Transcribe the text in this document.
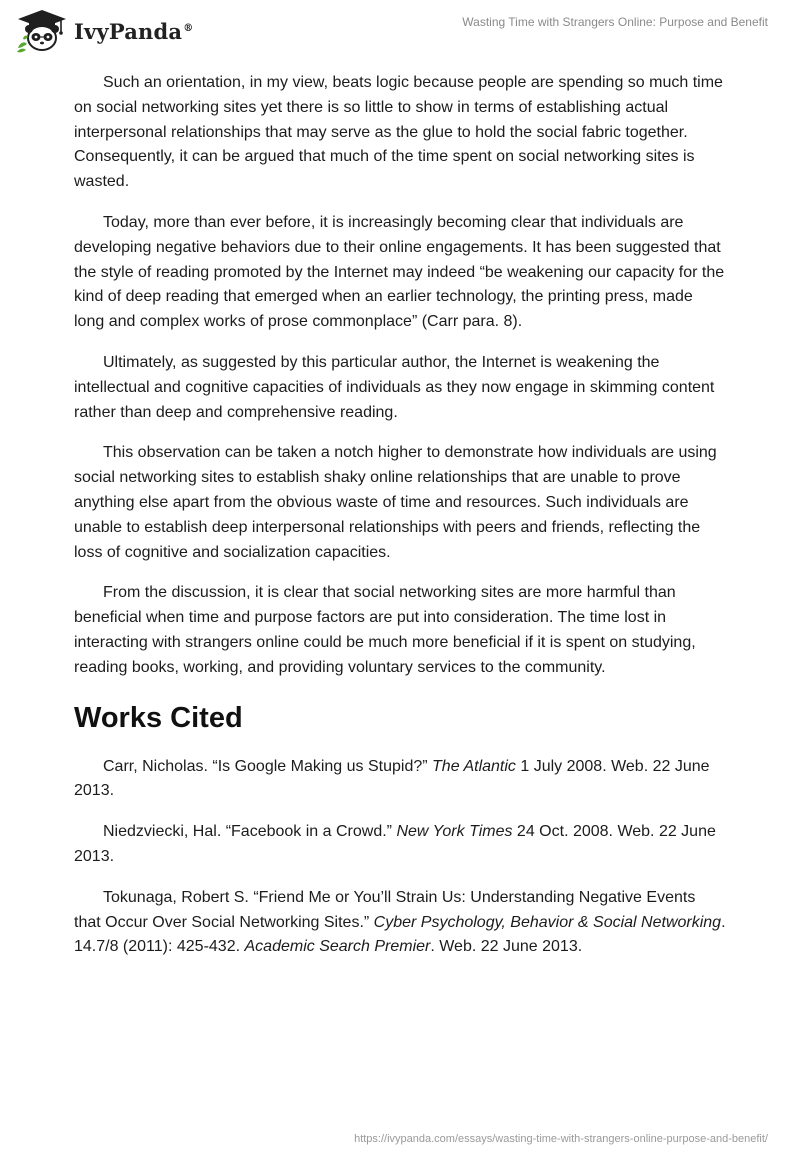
IvyPanda®	Wasting Time with Strangers Online: Purpose and Benefit

Such an orientation, in my view, beats logic because people are spending so much time on social networking sites yet there is so little to show in terms of establishing actual interpersonal relationships that may serve as the glue to hold the social fabric together. Consequently, it can be argued that much of the time spent on social networking sites is wasted.

Today, more than ever before, it is increasingly becoming clear that individuals are developing negative behaviors due to their online engagements. It has been suggested that the style of reading promoted by the Internet may indeed “be weakening our capacity for the kind of deep reading that emerged when an earlier technology, the printing press, made long and complex works of prose commonplace” (Carr para. 8).

Ultimately, as suggested by this particular author, the Internet is weakening the intellectual and cognitive capacities of individuals as they now engage in skimming content rather than deep and comprehensive reading.

This observation can be taken a notch higher to demonstrate how individuals are using social networking sites to establish shaky online relationships that are unable to prove anything else apart from the obvious waste of time and resources. Such individuals are unable to establish deep interpersonal relationships with peers and friends, reflecting the loss of cognitive and socialization capacities.

From the discussion, it is clear that social networking sites are more harmful than beneficial when time and purpose factors are put into consideration. The time lost in interacting with strangers online could be much more beneficial if it is spent on studying, reading books, working, and providing voluntary services to the community.

Works Cited

Carr, Nicholas. “Is Google Making us Stupid?” The Atlantic 1 July 2008. Web. 22 June 2013.

Niedzviecki, Hal. “Facebook in a Crowd.” New York Times 24 Oct. 2008. Web. 22 June 2013.

Tokunaga, Robert S. “Friend Me or You’ll Strain Us: Understanding Negative Events that Occur Over Social Networking Sites.” Cyber Psychology, Behavior & Social Networking. 14.7/8 (2011): 425-432. Academic Search Premier. Web. 22 June 2013.

https://ivypanda.com/essays/wasting-time-with-strangers-online-purpose-and-benefit/
